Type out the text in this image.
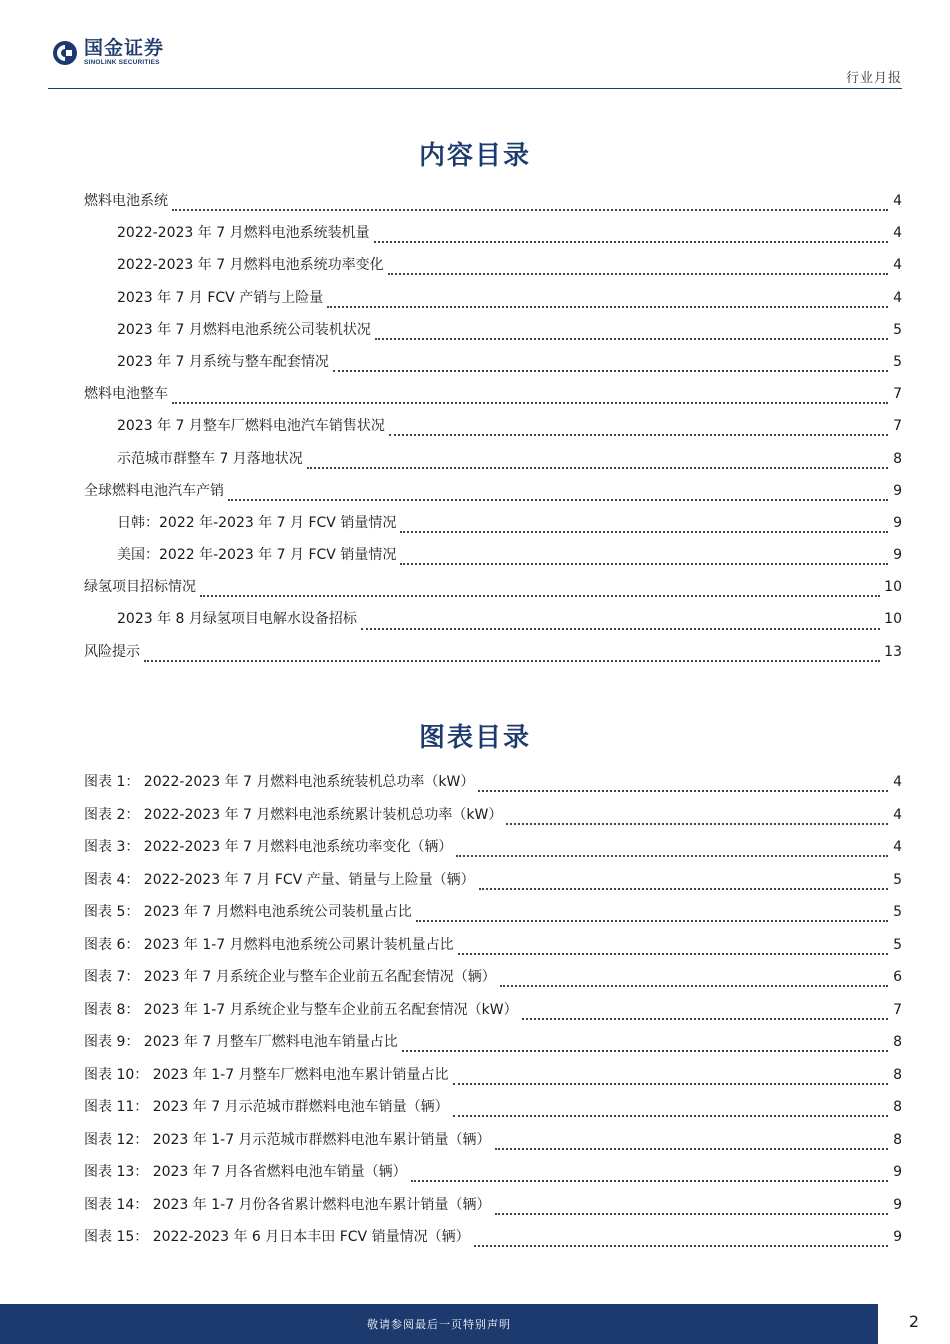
国金证券
SINOLINK SECURITIES
行业月报
内容目录
燃料电池系统	4
2022-2023 年 7 月燃料电池系统装机量	4
2022-2023 年 7 月燃料电池系统功率变化	4
2023 年 7 月 FCV 产销与上险量	4
2023 年 7 月燃料电池系统公司装机状况	5
2023 年 7 月系统与整车配套情况	5
燃料电池整车	7
2023 年 7 月整车厂燃料电池汽车销售状况	7
示范城市群整车 7 月落地状况	8
全球燃料电池汽车产销	9
日韩：2022 年-2023 年 7 月 FCV 销量情况	9
美国：2022 年-2023 年 7 月 FCV 销量情况	9
绿氢项目招标情况	10
2023 年 8 月绿氢项目电解水设备招标	10
风险提示	13
图表目录
图表 1： 2022-2023 年 7 月燃料电池系统装机总功率（kW）	4
图表 2： 2022-2023 年 7 月燃料电池系统累计装机总功率（kW）	4
图表 3： 2022-2023 年 7 月燃料电池系统功率变化（辆）	4
图表 4： 2022-2023 年 7 月 FCV 产量、销量与上险量（辆）	5
图表 5： 2023 年 7 月燃料电池系统公司装机量占比	5
图表 6： 2023 年 1-7 月燃料电池系统公司累计装机量占比	5
图表 7： 2023 年 7 月系统企业与整车企业前五名配套情况（辆）	6
图表 8： 2023 年 1-7 月系统企业与整车企业前五名配套情况（kW）	7
图表 9： 2023 年 7 月整车厂燃料电池车销量占比	8
图表 10： 2023 年 1-7 月整车厂燃料电池车累计销量占比	8
图表 11： 2023 年 7 月示范城市群燃料电池车销量（辆）	8
图表 12： 2023 年 1-7 月示范城市群燃料电池车累计销量（辆）	8
图表 13： 2023 年 7 月各省燃料电池车销量（辆）	9
图表 14： 2023 年 1-7 月份各省累计燃料电池车累计销量（辆）	9
图表 15： 2022-2023 年 6 月日本丰田 FCV 销量情况（辆）	9
敬请参阅最后一页特别声明	2
